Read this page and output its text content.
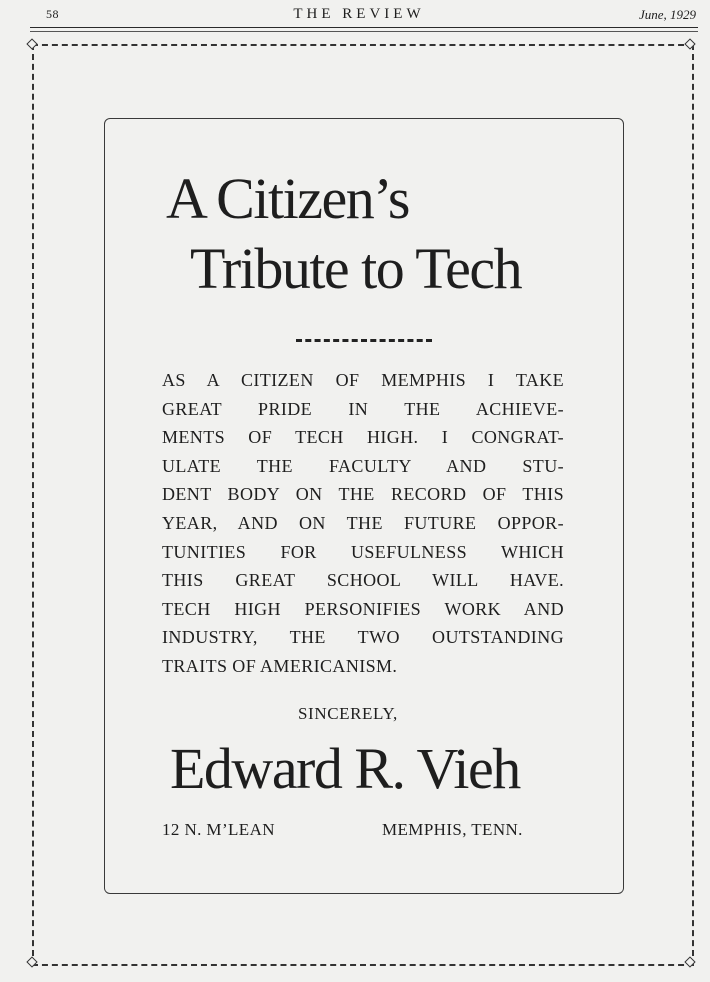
58	THE REVIEW	June, 1929
A Citizen’s
Tribute to Tech
AS A CITIZEN OF MEMPHIS I TAKE
GREAT PRIDE IN THE ACHIEVE-
MENTS OF TECH HIGH. I CONGRAT-
ULATE THE FACULTY AND STU-
DENT BODY ON THE RECORD OF THIS
YEAR, AND ON THE FUTURE OPPOR-
TUNITIES FOR USEFULNESS WHICH
THIS GREAT SCHOOL WILL HAVE.
TECH HIGH PERSONIFIES WORK AND
INDUSTRY, THE TWO OUTSTANDING
TRAITS OF AMERICANISM.
SINCERELY,
Edward R. Vieh
12 N. M’LEAN	MEMPHIS, TENN.
